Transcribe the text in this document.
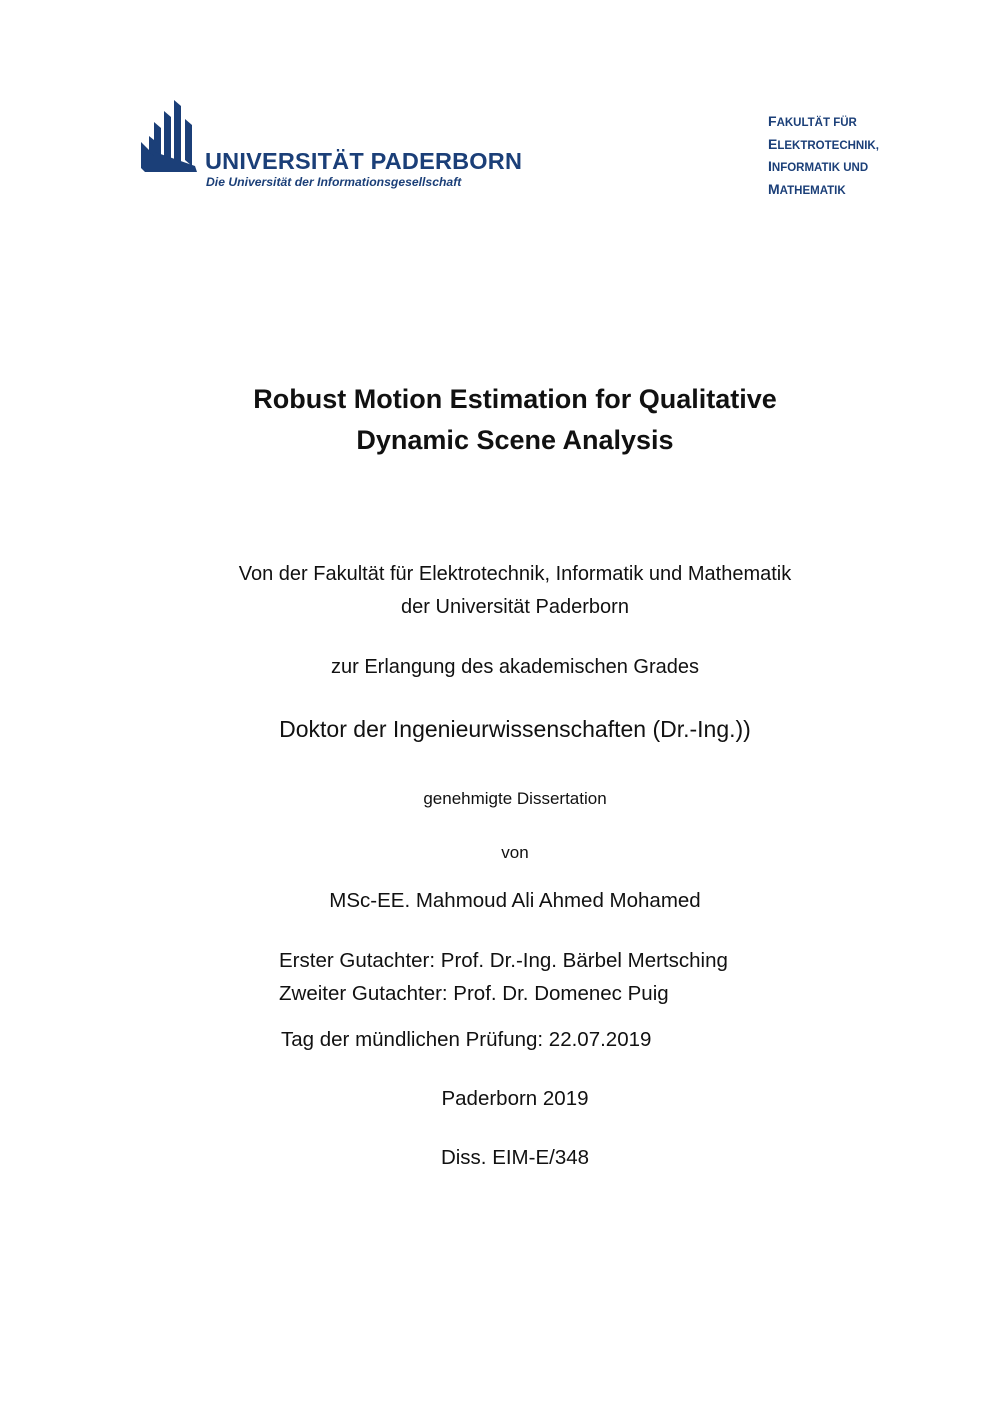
UNIVERSITÄT PADERBORN
Die Universität der Informationsgesellschaft
FAKULTÄT FÜR
ELEKTROTECHNIK,
INFORMATIK UND
MATHEMATIK
Robust Motion Estimation for Qualitative
Dynamic Scene Analysis
Von der Fakultät für Elektrotechnik, Informatik und Mathematik
der Universität Paderborn
zur Erlangung des akademischen Grades
Doktor der Ingenieurwissenschaften (Dr.-Ing.))
genehmigte Dissertation
von
MSc-EE. Mahmoud Ali Ahmed Mohamed
Erster Gutachter: Prof. Dr.-Ing. Bärbel Mertsching
Zweiter Gutachter: Prof. Dr. Domenec Puig
Tag der mündlichen Prüfung: 22.07.2019
Paderborn 2019
Diss. EIM-E/348
